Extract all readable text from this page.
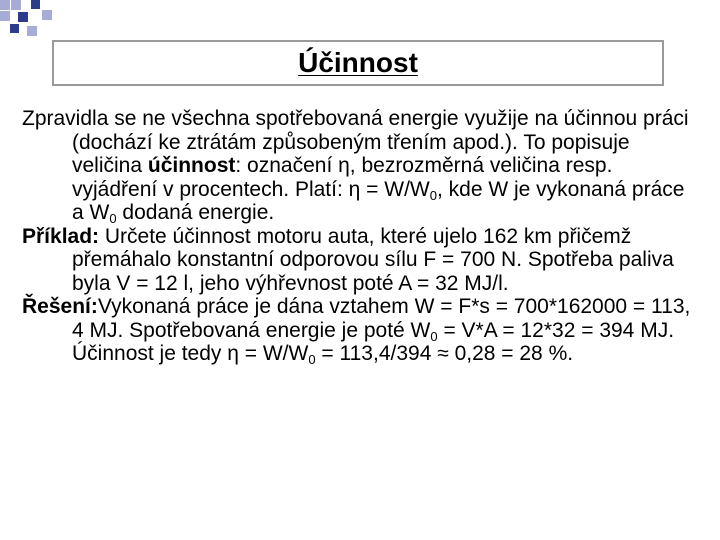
Účinnost

Zpravidla se ne všechna spotřebovaná energie využije na účinnou práci (dochází ke ztrátám způsobeným třením apod.). To popisuje veličina účinnost: označení η, bezrozměrná veličina resp. vyjádření v procentech. Platí: $\eta = W/W_0$, kde W je vykonaná práce a $W_0$ dodaná energie.

Příklad: Určete účinnost motoru auta, které ujelo 162 km přičemž přemáhalo konstantní odporovou sílu F = 700 N. Spotřeba paliva byla V = 12 l, jeho výhřevnost poté A = 32 MJ/l.

Řešení:Vykonaná práce je dána vztahem W = F*s = 700*162000 = 113, 4 MJ. Spotřebovaná energie je poté $W_0 = V*A = 12*32 = 394$ MJ. Účinnost je tedy $\eta = W/W_0 = 113,4/394 \approx 0,28 = 28$ %.
